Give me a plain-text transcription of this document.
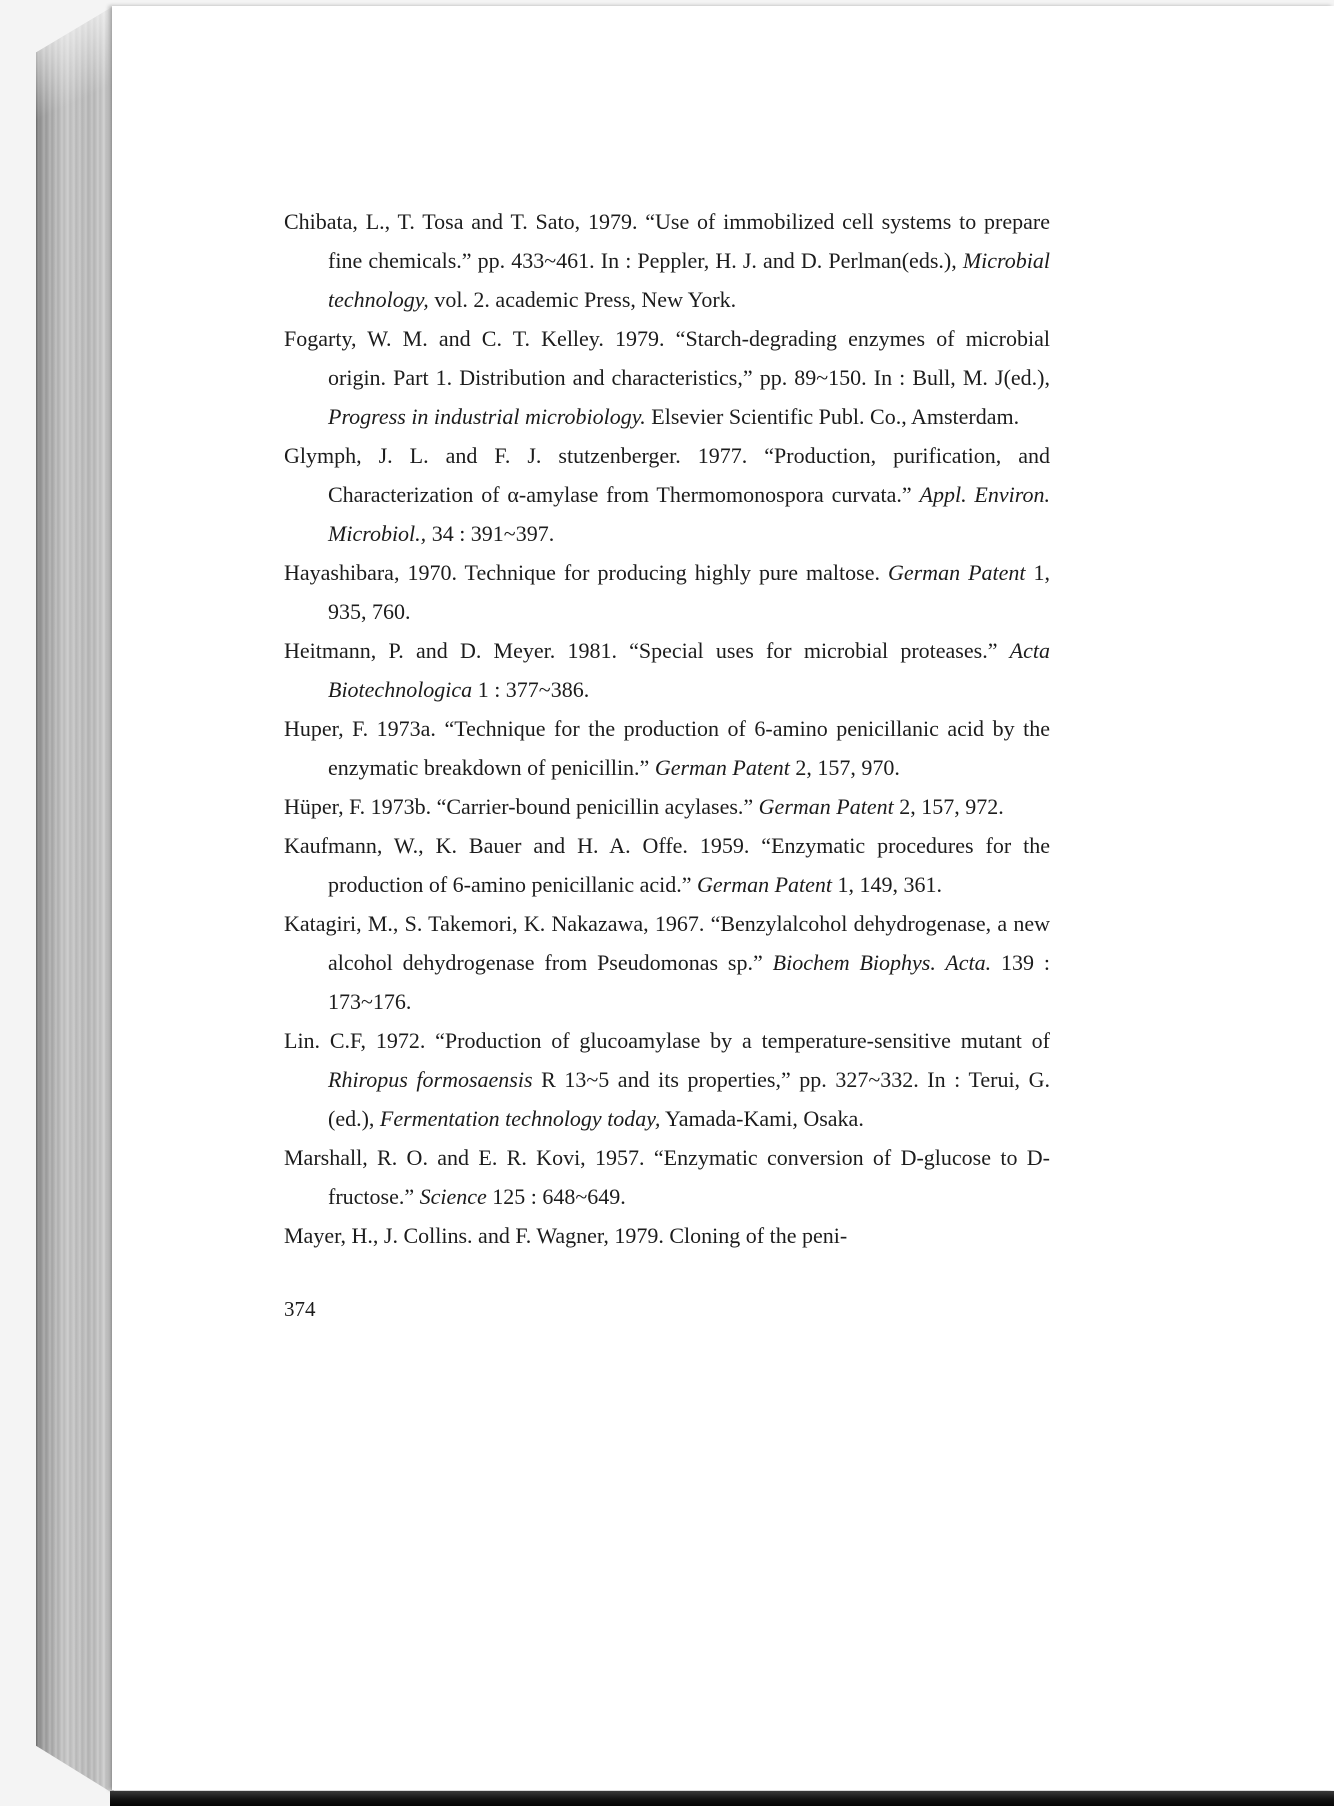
Chibata, L., T. Tosa and T. Sato, 1979. “Use of immobilized cell systems to prepare fine chemicals.” pp. 433~461. In : Peppler, H. J. and D. Perlman(eds.), Microbial technology, vol. 2. academic Press, New York.

Fogarty, W. M. and C. T. Kelley. 1979. “Starch-degrading enzymes of microbial origin. Part 1. Distribution and characteristics,” pp. 89~150. In : Bull, M. J(ed.), Progress in industrial microbiology. Elsevier Scientific Publ. Co., Amsterdam.

Glymph, J. L. and F. J. stutzenberger. 1977. “Production, purification, and Characterization of α-amylase from Thermomonospora curvata.” Appl. Environ. Microbiol., 34 : 391~397.

Hayashibara, 1970. Technique for producing highly pure maltose. German Patent 1, 935, 760.

Heitmann, P. and D. Meyer. 1981. “Special uses for microbial proteases.” Acta Biotechnologica 1 : 377~386.

Huper, F. 1973a. “Technique for the production of 6-amino penicillanic acid by the enzymatic breakdown of penicillin.” German Patent 2, 157, 970.

Hüper, F. 1973b. “Carrier-bound penicillin acylases.” German Patent 2, 157, 972.

Kaufmann, W., K. Bauer and H. A. Offe. 1959. “Enzymatic procedures for the production of 6-amino penicillanic acid.” German Patent 1, 149, 361.

Katagiri, M., S. Takemori, K. Nakazawa, 1967. “Benzylalcohol dehydrogenase, a new alcohol dehydrogenase from Pseudomonas sp.” Biochem Biophys. Acta. 139 : 173~176.

Lin. C.F, 1972. “Production of glucoamylase by a temperature-sensitive mutant of Rhiropus formosaensis R 13~5 and its properties,” pp. 327~332. In : Terui, G.(ed.), Fermentation technology today, Yamada-Kami, Osaka.

Marshall, R. O. and E. R. Kovi, 1957. “Enzymatic conversion of D-glucose to D-fructose.” Science 125 : 648~649.

Mayer, H., J. Collins. and F. Wagner, 1979. Cloning of the peni-

374
